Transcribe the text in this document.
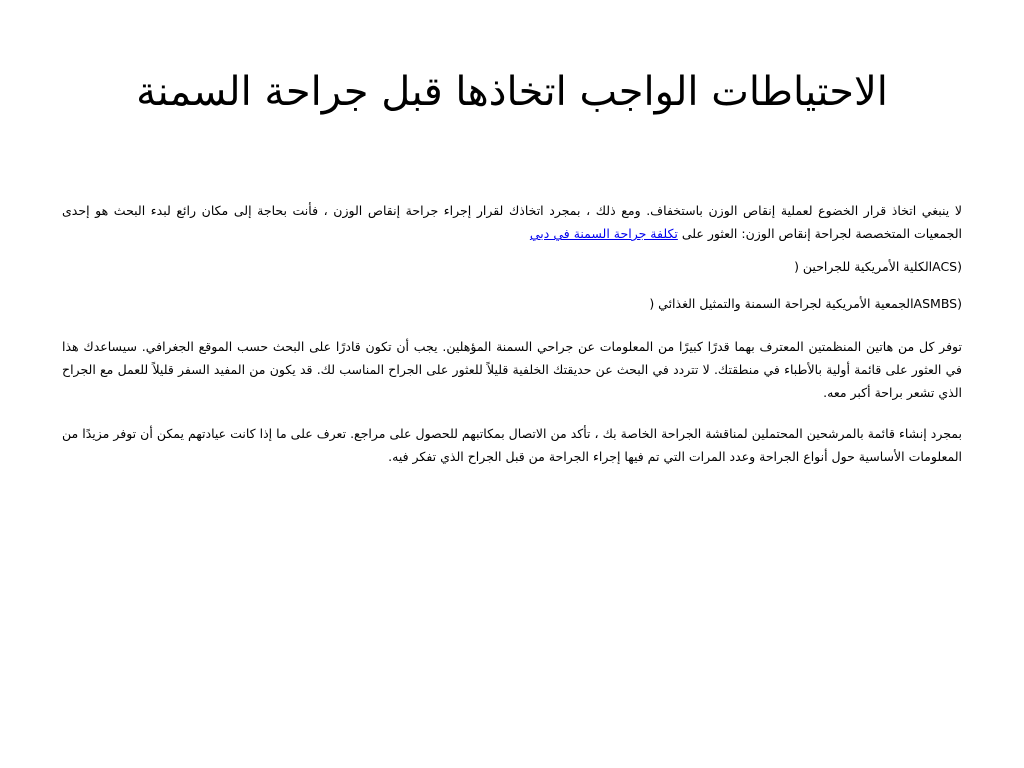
الاحتياطات الواجب اتخاذها قبل جراحة السمنة

لا ينبغي اتخاذ قرار الخضوع لعملية إنقاص الوزن باستخفاف. ومع ذلك ، بمجرد اتخاذك لقرار إجراء جراحة إنقاص الوزن ، فأنت بحاجة إلى مكان رائع لبدء البحث هو إحدى الجمعيات المتخصصة لجراحة إنقاص الوزن: العثور على تكلفة جراحة السمنة في دبي

(ACSالكلية الأمريكية للجراحين (

(ASMBSالجمعية الأمريكية لجراحة السمنة والتمثيل الغذائي (

توفر كل من هاتين المنظمتين المعترف بهما قدرًا كبيرًا من المعلومات عن جراحي السمنة المؤهلين. يجب أن تكون قادرًا على البحث حسب الموقع الجغرافي. سيساعدك هذا في العثور على قائمة أولية بالأطباء في منطقتك. لا تتردد في البحث عن حديقتك الخلفية قليلاً للعثور على الجراح المناسب لك. قد يكون من المفيد السفر قليلاً للعمل مع الجراح الذي تشعر براحة أكبر معه.

بمجرد إنشاء قائمة بالمرشحين المحتملين لمناقشة الجراحة الخاصة بك ، تأكد من الاتصال بمكاتبهم للحصول على مراجع. تعرف على ما إذا كانت عيادتهم يمكن أن توفر مزيدًا من المعلومات الأساسية حول أنواع الجراحة وعدد المرات التي تم فيها إجراء الجراحة من قبل الجراح الذي تفكر فيه.
